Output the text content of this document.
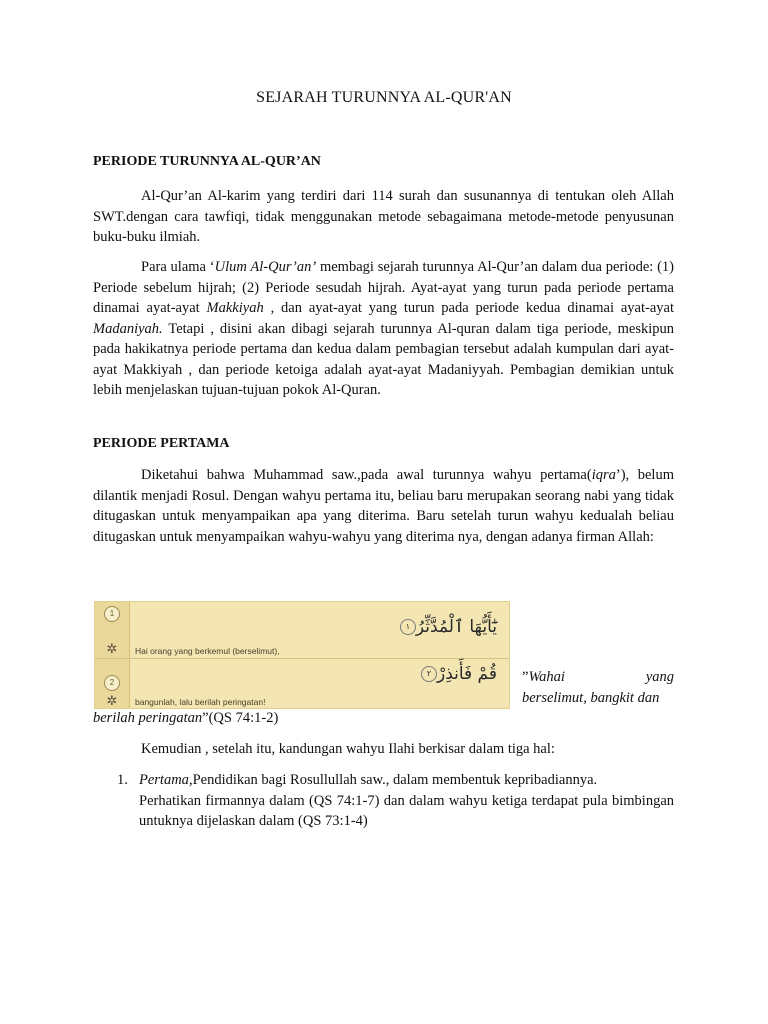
SEJARAH TURUNNYA AL-QUR'AN
PERIODE TURUNNYA AL-QUR’AN

Al-Qur’an Al-karim yang terdiri dari 114 surah dan susunannya di tentukan oleh Allah SWT.dengan cara tawfiqi, tidak menggunakan metode sebagaimana metode-metode penyusunan buku-buku ilmiah.

Para ulama ‘Ulum Al-Qur’an’ membagi sejarah turunnya Al-Qur’an dalam dua periode: (1) Periode sebelum hijrah; (2) Periode sesudah hijrah. Ayat-ayat yang turun pada periode pertama dinamai ayat-ayat Makkiyah , dan ayat-ayat yang turun pada periode kedua dinamai ayat-ayat Madaniyah. Tetapi , disini akan dibagi sejarah turunnya Al-quran dalam tiga periode, meskipun pada hakikatnya periode pertama dan kedua dalam pembagian tersebut adalah kumpulan dari ayat-ayat Makkiyah , dan periode ketoiga adalah ayat-ayat Madaniyyah. Pembagian demikian untuk lebih menjelaskan tujuan-tujuan pokok Al-Quran.

PERIODE PERTAMA

Diketahui bahwa Muhammad saw.,pada awal turunnya wahyu pertama(iqra’), belum dilantik menjadi Rosul. Dengan wahyu pertama itu, beliau baru merupakan seorang nabi yang tidak ditugaskan untuk menyampaikan apa yang diterima. Baru setelah turun wahyu kedualah beliau ditugaskan untuk menyampaikan wahyu-wahyu yang diterima nya, dengan adanya firman Allah:

1
يَٰٓأَيُّهَا ٱلْمُدَّثِّرُ١
✲ Hai orang yang berkemul (berselimut),
2	قُمْ فَأَنذِرْ٢
✲ bangunlah, lalu berilah peringatan!
”Wahai	yang
berselimut, bangkit dan
berilah peringatan”(QS 74:1-2)

Kemudian , setelah itu, kandungan wahyu Ilahi berkisar dalam tiga hal:

1. Pertama,Pendidikan bagi Rosullullah saw., dalam membentuk kepribadiannya.
Perhatikan firmannya dalam (QS 74:1-7) dan dalam wahyu ketiga terdapat pula bimbingan untuknya dijelaskan dalam (QS 73:1-4)
